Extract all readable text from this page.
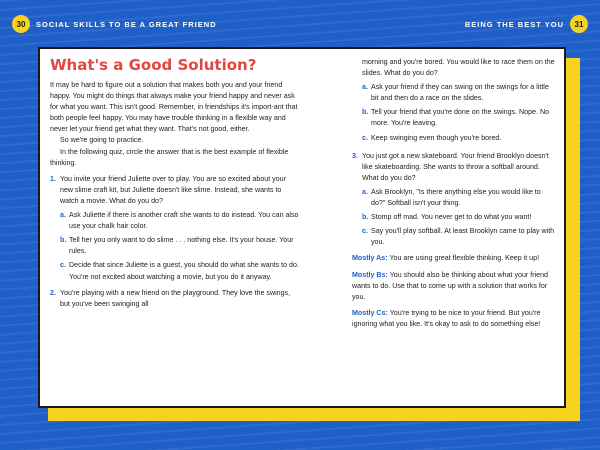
30	SOCIAL SKILLS TO BE A GREAT FRIEND	BEING THE BEST YOU	31
What's a Good Solution?

It may be hard to figure out a solution that makes both you and your friend happy. You might do things that always make your friend happy and never ask for what you want. This isn't good. Remember, in friendships it's import-ant that both people feel happy. You may have trouble thinking in a flexible way and never let your friend get what they want. That's not good, either.

So we're going to practice.

In the following quiz, circle the answer that is the best example of flexible thinking.

1. You invite your friend Juliette over to play. You are so excited about your new slime craft kit, but Juliette doesn't like slime. Instead, she wants to watch a movie. What do you do?

a. Ask Juliette if there is another craft she wants to do instead. You can also use your chalk hair color.
b. Tell her you only want to do slime . . . nothing else. It's your house. Your rules.
c. Decide that since Juliette is a guest, you should do what she wants to do. You're not excited about watching a movie, but you do it anyway.
2. You're playing with a new friend on the playground. They love the swings, but you've been swinging all

morning and you're bored. You would like to race them on the slides. What do you do?

a. Ask your friend if they can swing on the swings for a little bit and then do a race on the slides.
b. Tell your friend that you're done on the swings. Nope. No more. You're leaving.
c. Keep swinging even though you're bored.
3. You just got a new skateboard. Your friend Brooklyn doesn't like skateboarding. She wants to throw a softball around. What do you do?

a. Ask Brooklyn, "Is there anything else you would like to do?" Softball isn't your thing.
b. Stomp off mad. You never get to do what you want!
c. Say you'll play softball. At least Brooklyn came to play with you.

Mostly As: You are using great flexible thinking. Keep it up!

Mostly Bs: You should also be thinking about what your friend wants to do. Use that to come up with a solution that works for you.

Mostly Cs: You're trying to be nice to your friend. But you're ignoring what you like. It's okay to ask to do something else!
